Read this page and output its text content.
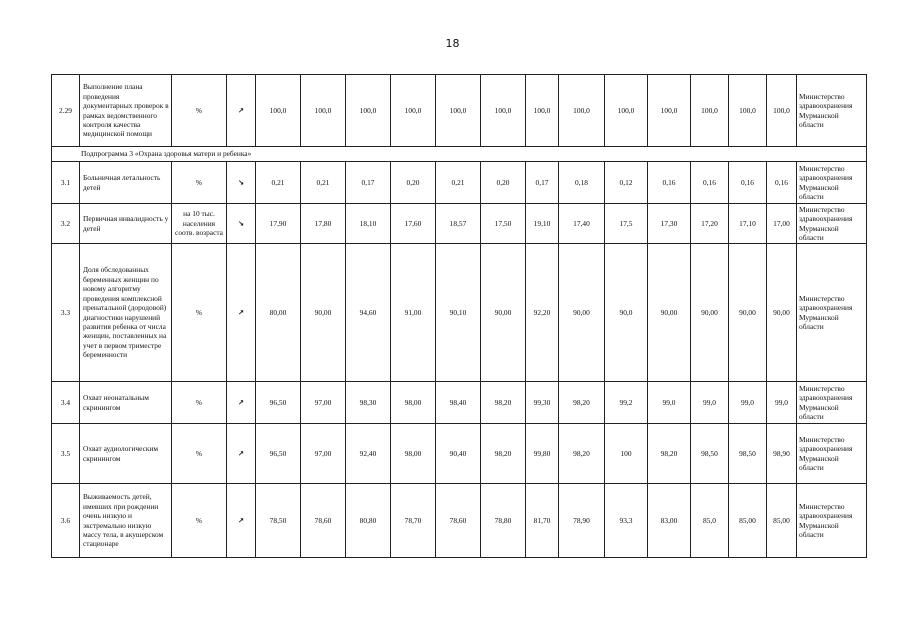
18
2.29	Выполнение плана проведения документарных проверок в рамках ведомственного контроля качества медицинской помощи	%	↗	100,0	100,0	100,0	100,0	100,0	100,0	100,0	100,0	100,0	100,0	100,0	100,0	100,0	Министерство здравоохранения Мурманской области
Подпрограмма 3 «Охрана здоровья матери и ребенка»																	
3.1	Больничная летальность детей	%	↘	0,21	0,21	0,17	0,20	0,21	0,20	0,17	0,18	0,12	0,16	0,16	0,16	0,16	Министерство здравоохранения Мурманской области
3.2	Первичная инвалидность у детей	на 10 тыс. населения соотв. возраста	↘	17,90	17,80	18,10	17,60	18,57	17,50	19,10	17,40	17,5	17,30	17,20	17,10	17,00	Министерство здравоохранения Мурманской области
3.3	Доля обследованных беременных женщин по новому алгоритму проведения комплексной пренатальной (дородовой) диагностики нарушений развития ребенка от числа женщин, поставленных на учет в первом триместре беременности	%	↗	80,00	90,00	94,60	91,00	90,10	90,00	92,20	90,00	90,0	90,00	90,00	90,00	90,00	Министерство здравоохранения Мурманской области
3.4	Охват неонатальным скринингом	%	↗	96,50	97,00	98,30	98,00	98,40	98,20	99,30	98,20	99,2	99,0	99,0	99,0	99,0	Министерство здравоохранения Мурманской области
3.5	Охват аудиологическим скринингом	%	↗	96,50	97,00	92,40	98,00	90,40	98,20	99,80	98,20	100	98,20	98,50	98,50	98,90	Министерство здравоохранения Мурманской области
3.6	Выживаемость детей, имевших при рождении очень низкую и экстремально низкую массу тела, в акушерском стационаре	%	↗	78,50	78,60	80,80	78,70	78,60	78,80	81,70	78,90	93,3	83,00	85,0	85,00	85,00	Министерство здравоохранения Мурманской области
